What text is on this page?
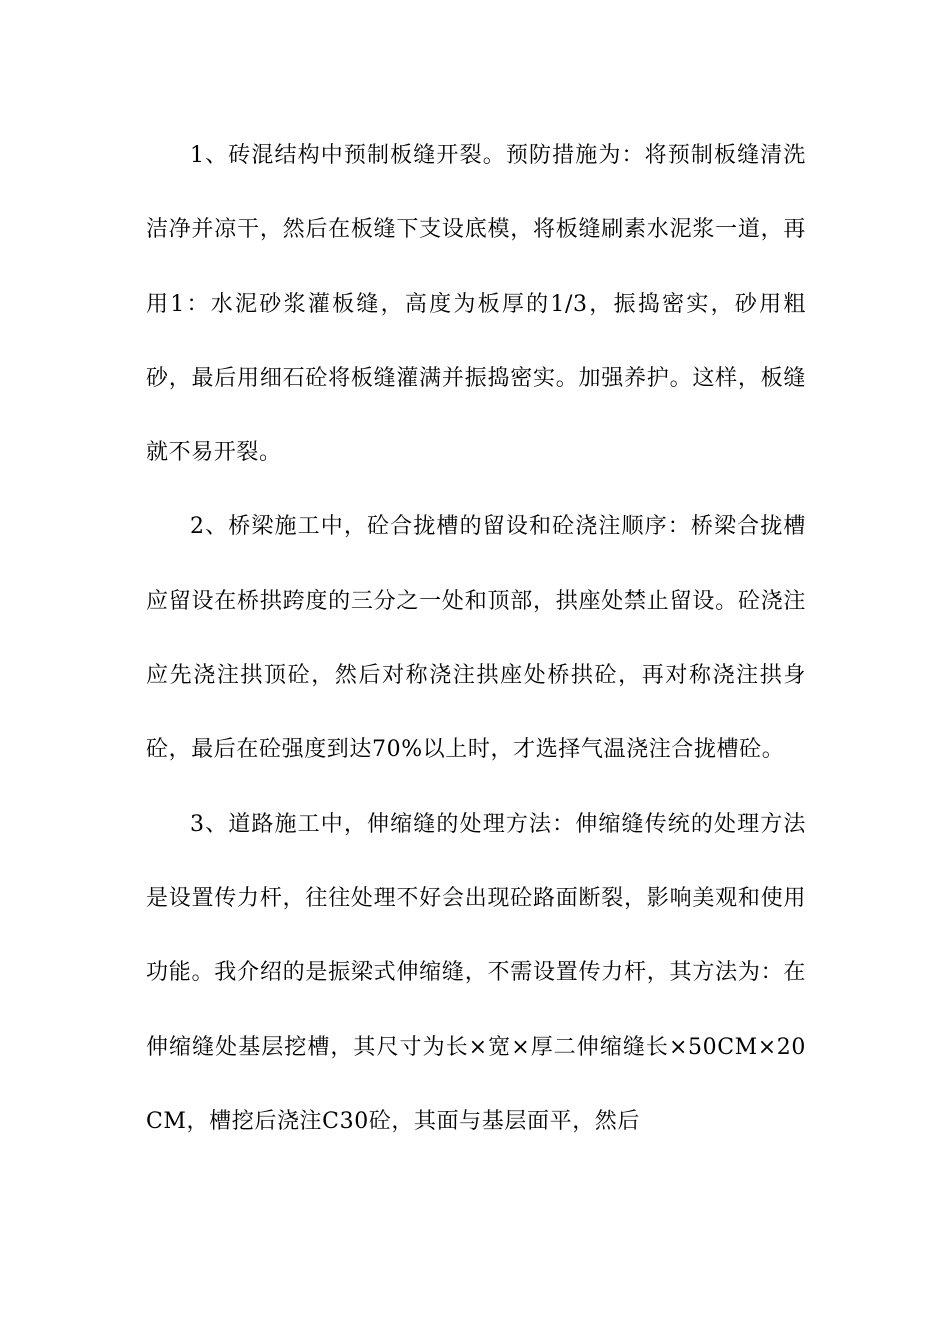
1、砖混结构中预制板缝开裂。预防措施为：将预制板缝清洗洁净并凉干，然后在板缝下支设底模，将板缝刷素水泥浆一道，再用1：水泥砂浆灌板缝，高度为板厚的1/3，振捣密实，砂用粗砂，最后用细石砼将板缝灌满并振捣密实。加强养护。这样，板缝就不易开裂。

2、桥梁施工中，砼合拢槽的留设和砼浇注顺序：桥梁合拢槽应留设在桥拱跨度的三分之一处和顶部，拱座处禁止留设。砼浇注应先浇注拱顶砼，然后对称浇注拱座处桥拱砼，再对称浇注拱身砼，最后在砼强度到达70%以上时，才选择气温浇注合拢槽砼。

3、道路施工中，伸缩缝的处理方法：伸缩缝传统的处理方法是设置传力杆，往往处理不好会出现砼路面断裂，影响美观和使用功能。我介绍的是振梁式伸缩缝，不需设置传力杆，其方法为：在伸缩缝处基层挖槽，其尺寸为长×宽×厚二伸缩缝长×50CM×20CM，槽挖后浇注C30砼，其面与基层面平，然后
